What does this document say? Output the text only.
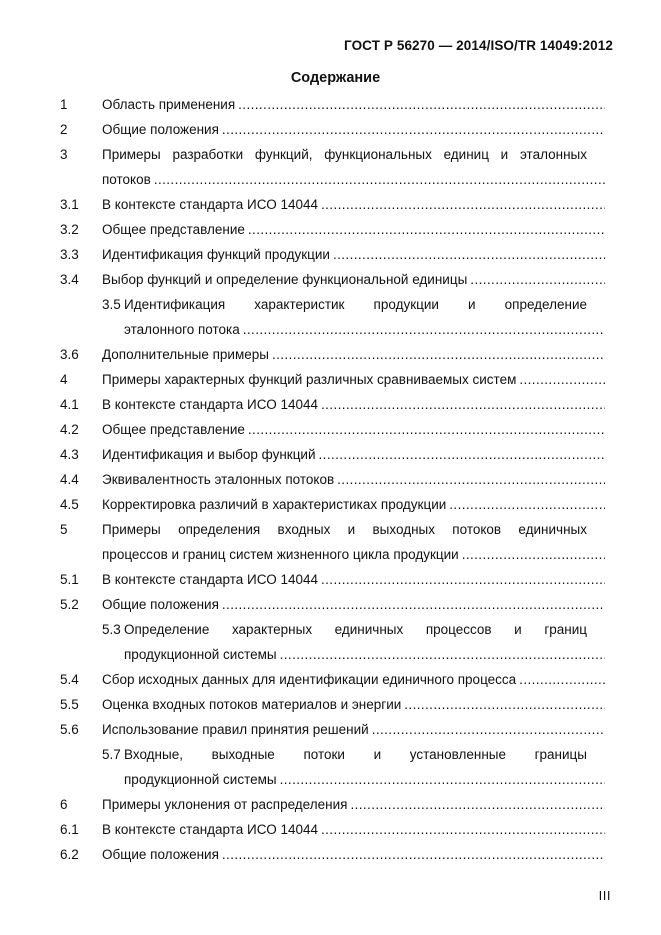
ГОСТ Р 56270 — 2014/ISO/TR 14049:2012
Содержание
1	Область применения
.....
2	Общие положения
.....
3	Примеры разработки функций, функциональных единиц и эталонных
потоков
.....
3.1 В контексте стандарта ИСО 14044
.....
3.2 Общее представление
.....
3.3 Идентификация функций продукции
.....
3.4 Выбор функций и определение функциональной единицы
.....
3.5 Идентификация характеристик продукции и определение
эталонного потока
.....
3.6 Дополнительные примеры
.....
4	Примеры характерных функций различных сравниваемых систем
.....
4.1 В контексте стандарта ИСО 14044
.....
4.2 Общее представление
.....
4.3 Идентификация и выбор функций
.....
4.4 Эквивалентность эталонных потоков
.....
4.5 Корректировка различий в характеристиках продукции
.....
5	Примеры определения входных и выходных потоков единичных
процессов и границ систем жизненного цикла продукции
.....
5.1 В контексте стандарта ИСО 14044
.....
5.2 Общие положения
.....
5.3 Определение характерных единичных процессов и границ
продукционной системы
.....
5.4 Сбор исходных данных для идентификации единичного процесса
.....
5.5 Оценка входных потоков материалов и энергии
.....
5.6 Использование правил принятия решений
.....
5.7 Входные, выходные потоки и установленные границы
продукционной системы
.....
6	Примеры уклонения от распределения
.....
6.1 В контексте стандарта ИСО 14044
.....
6.2 Общие положения
.....
III
